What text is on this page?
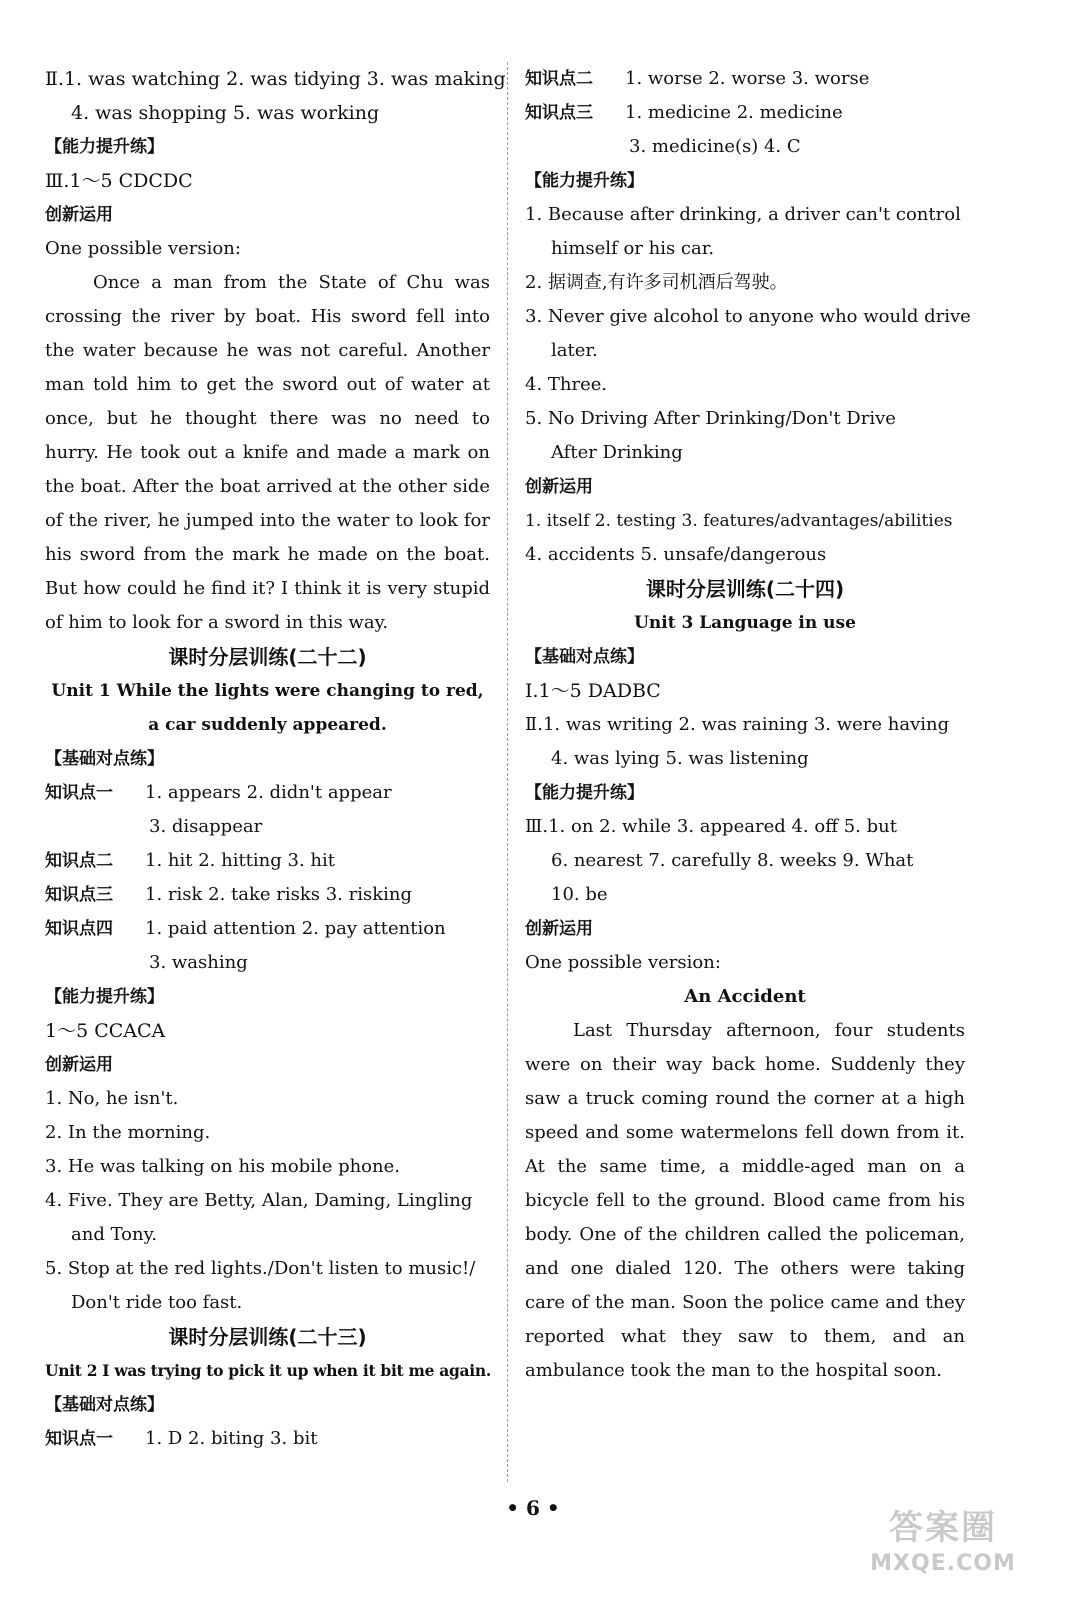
Ⅱ.1. was watching 2. was tidying 3. was making
4. was shopping 5. was working
【能力提升练】
Ⅲ.1～5 CDCDC
创新运用
One possible version:
Once a man from the State of Chu was crossing the river by boat. His sword fell into the water because he was not careful. Another man told him to get the sword out of water at once, but he thought there was no need to hurry. He took out a knife and made a mark on the boat. After the boat arrived at the other side of the river, he jumped into the water to look for his sword from the mark he made on the boat. But how could he find it? I think it is very stupid of him to look for a sword in this way.
课时分层训练(二十二)
Unit 1 While the lights were changing to red,
a car suddenly appeared.
【基础对点练】
知识点一 1. appears 2. didn't appear
3. disappear
知识点二 1. hit 2. hitting 3. hit
知识点三 1. risk 2. take risks 3. risking
知识点四 1. paid attention 2. pay attention
3. washing
【能力提升练】
1～5 CCACA
创新运用
1. No, he isn't.
2. In the morning.
3. He was talking on his mobile phone.
4. Five. They are Betty, Alan, Daming, Lingling
and Tony.
5. Stop at the red lights./Don't listen to music!/
Don't ride too fast.
课时分层训练(二十三)
Unit 2 I was trying to pick it up when it bit me again.
【基础对点练】
知识点一 1. D 2. biting 3. bit
知识点二 1. worse 2. worse 3. worse
知识点三 1. medicine 2. medicine
3. medicine(s) 4. C
【能力提升练】
1. Because after drinking, a driver can't control
himself or his car.
2. 据调查,有许多司机酒后驾驶。
3. Never give alcohol to anyone who would drive
later.
4. Three.
5. No Driving After Drinking/Don't Drive
After Drinking
创新运用
1. itself 2. testing 3. features/advantages/abilities
4. accidents 5. unsafe/dangerous
课时分层训练(二十四)
Unit 3 Language in use
【基础对点练】
Ⅰ.1～5 DADBC
Ⅱ.1. was writing 2. was raining 3. were having
4. was lying 5. was listening
【能力提升练】
Ⅲ.1. on 2. while 3. appeared 4. off 5. but
6. nearest 7. carefully 8. weeks 9. What
10. be
创新运用
One possible version:
An Accident
Last Thursday afternoon, four students were on their way back home. Suddenly they saw a truck coming round the corner at a high speed and some watermelons fell down from it. At the same time, a middle-aged man on a bicycle fell to the ground. Blood came from his body. One of the children called the policeman, and one dialed 120. The others were taking care of the man. Soon the police came and they reported what they saw to them, and an ambulance took the man to the hospital soon.
• 6 •	答案圈
MXQE.COM
